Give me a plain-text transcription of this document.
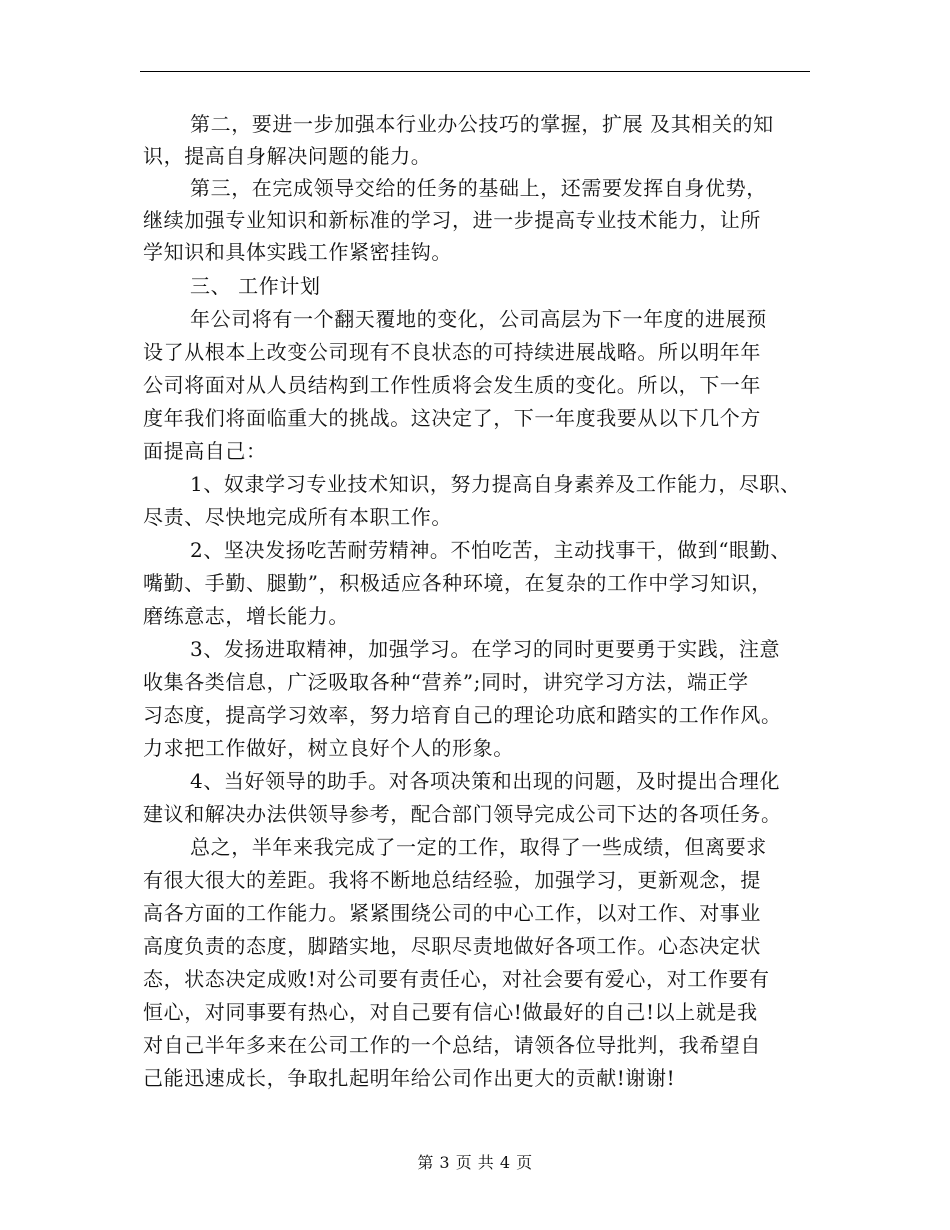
第二，要进一步加强本行业办公技巧的掌握，扩展 及其相关的知
识，提高自身解决问题的能力。
第三，在完成领导交给的任务的基础上，还需要发挥自身优势，
继续加强专业知识和新标准的学习，进一步提高专业技术能力，让所
学知识和具体实践工作紧密挂钩。
三、 工作计划
年公司将有一个翻天覆地的变化，公司高层为下一年度的进展预
设了从根本上改变公司现有不良状态的可持续进展战略。所以明年年
公司将面对从人员结构到工作性质将会发生质的变化。所以，下一年
度年我们将面临重大的挑战。这决定了，下一年度我要从以下几个方
面提高自己：
1、奴隶学习专业技术知识，努力提高自身素养及工作能力，尽职、
尽责、尽快地完成所有本职工作。
2、坚决发扬吃苦耐劳精神。不怕吃苦，主动找事干，做到“眼勤、
嘴勤、手勤、腿勤”，积极适应各种环境，在复杂的工作中学习知识，
磨练意志，增长能力。
3、发扬进取精神，加强学习。在学习的同时更要勇于实践，注意
收集各类信息，广泛吸取各种“营养”;同时，讲究学习方法，端正学
习态度，提高学习效率，努力培育自己的理论功底和踏实的工作作风。
力求把工作做好，树立良好个人的形象。
4、当好领导的助手。对各项决策和出现的问题，及时提出合理化
建议和解决办法供领导参考，配合部门领导完成公司下达的各项任务。
总之，半年来我完成了一定的工作，取得了一些成绩，但离要求
有很大很大的差距。我将不断地总结经验，加强学习，更新观念，提
高各方面的工作能力。紧紧围绕公司的中心工作，以对工作、对事业
高度负责的态度，脚踏实地，尽职尽责地做好各项工作。心态决定状
态，状态决定成败!对公司要有责任心，对社会要有爱心，对工作要有
恒心，对同事要有热心，对自己要有信心!做最好的自己!以上就是我
对自己半年多来在公司工作的一个总结，请领各位导批判，我希望自
己能迅速成长，争取扎起明年给公司作出更大的贡献!谢谢!
第 3 页 共 4 页
